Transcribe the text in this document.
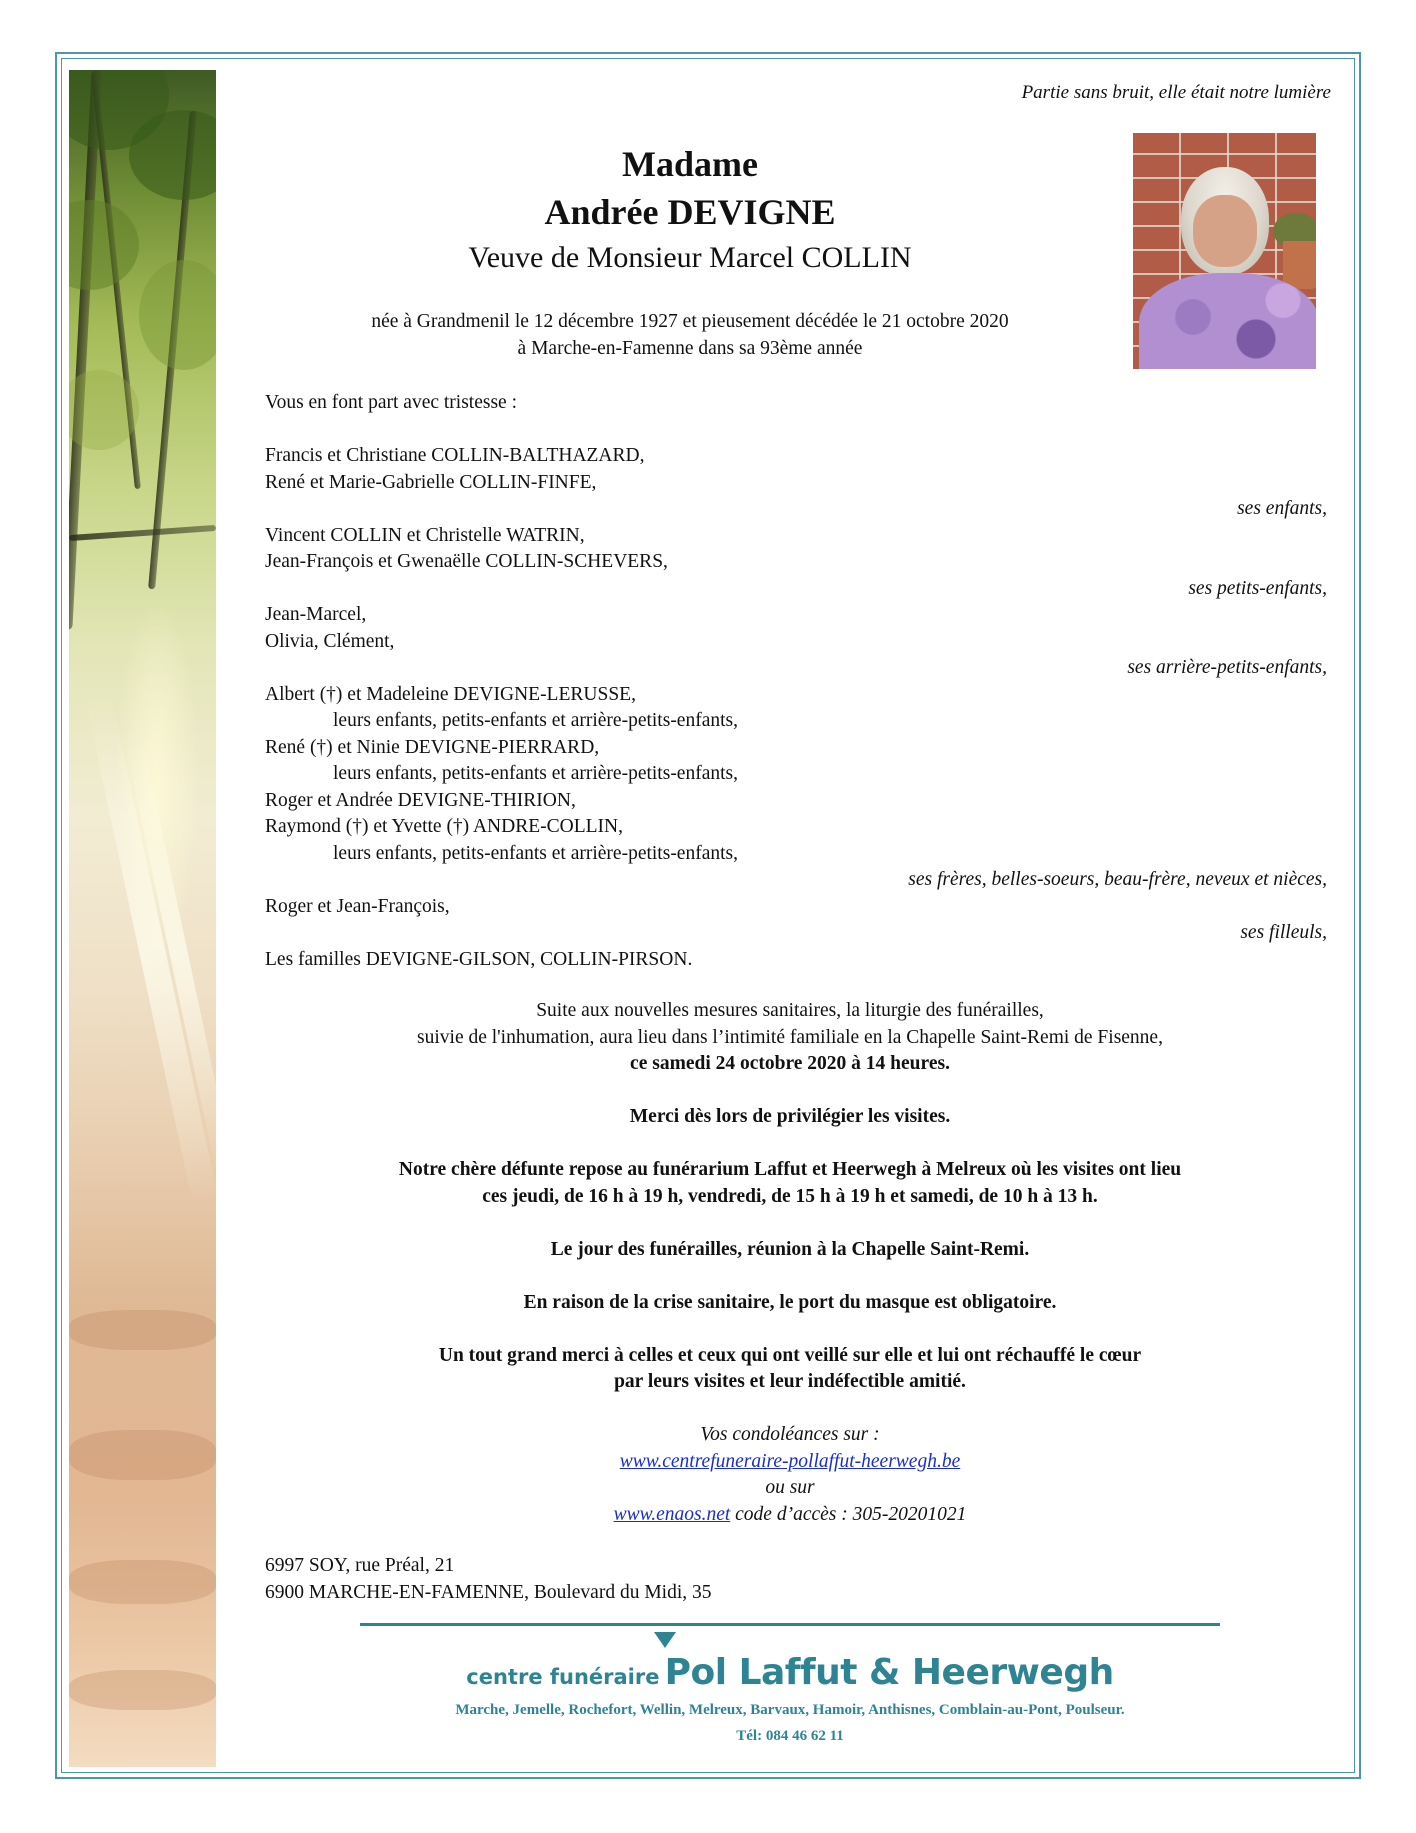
Partie sans bruit, elle était notre lumière

Madame
Andrée DEVIGNE
Veuve de Monsieur Marcel COLLIN
née à Grandmenil le 12 décembre 1927 et pieusement décédée le 21 octobre 2020
à Marche-en-Famenne dans sa 93ème année
Vous en font part avec tristesse :
Francis et Christiane COLLIN-BALTHAZARD,
René et Marie-Gabrielle COLLIN-FINFE,
ses enfants,
Vincent COLLIN et Christelle WATRIN,
Jean-François et Gwenaëlle COLLIN-SCHEVERS,
ses petits-enfants,
Jean-Marcel,
Olivia, Clément,
ses arrière-petits-enfants,
Albert (†) et Madeleine DEVIGNE-LERUSSE,
leurs enfants, petits-enfants et arrière-petits-enfants,
René (†) et Ninie DEVIGNE-PIERRARD,
leurs enfants, petits-enfants et arrière-petits-enfants,
Roger et Andrée DEVIGNE-THIRION,
Raymond (†) et Yvette (†) ANDRE-COLLIN,
leurs enfants, petits-enfants et arrière-petits-enfants,
ses frères, belles-soeurs, beau-frère, neveux et nièces,
Roger et Jean-François,
ses filleuls,
Les familles DEVIGNE-GILSON, COLLIN-PIRSON.
Suite aux nouvelles mesures sanitaires, la liturgie des funérailles,
suivie de l'inhumation, aura lieu dans l’intimité familiale en la Chapelle Saint-Remi de Fisenne,
ce samedi 24 octobre 2020 à 14 heures.
Merci dès lors de privilégier les visites.
Notre chère défunte repose au funérarium Laffut et Heerwegh à Melreux où les visites ont lieu
ces jeudi, de 16 h à 19 h, vendredi, de 15 h à 19 h et samedi, de 10 h à 13 h.
Le jour des funérailles, réunion à la Chapelle Saint-Remi.
En raison de la crise sanitaire, le port du masque est obligatoire.
Un tout grand merci à celles et ceux qui ont veillé sur elle et lui ont réchauffé le cœur
par leurs visites et leur indéfectible amitié.
Vos condoléances sur :
www.centrefuneraire-pollaffut-heerwegh.be
ou sur
www.enaos.net code d’accès : 305-20201021
6997 SOY, rue Préal, 21
6900 MARCHE-EN-FAMENNE, Boulevard du Midi, 35
centre funéraire Pol Laffut & Heerwegh
Marche, Jemelle, Rochefort, Wellin, Melreux, Barvaux, Hamoir, Anthisnes, Comblain-au-Pont, Poulseur.
Tél: 084 46 62 11
